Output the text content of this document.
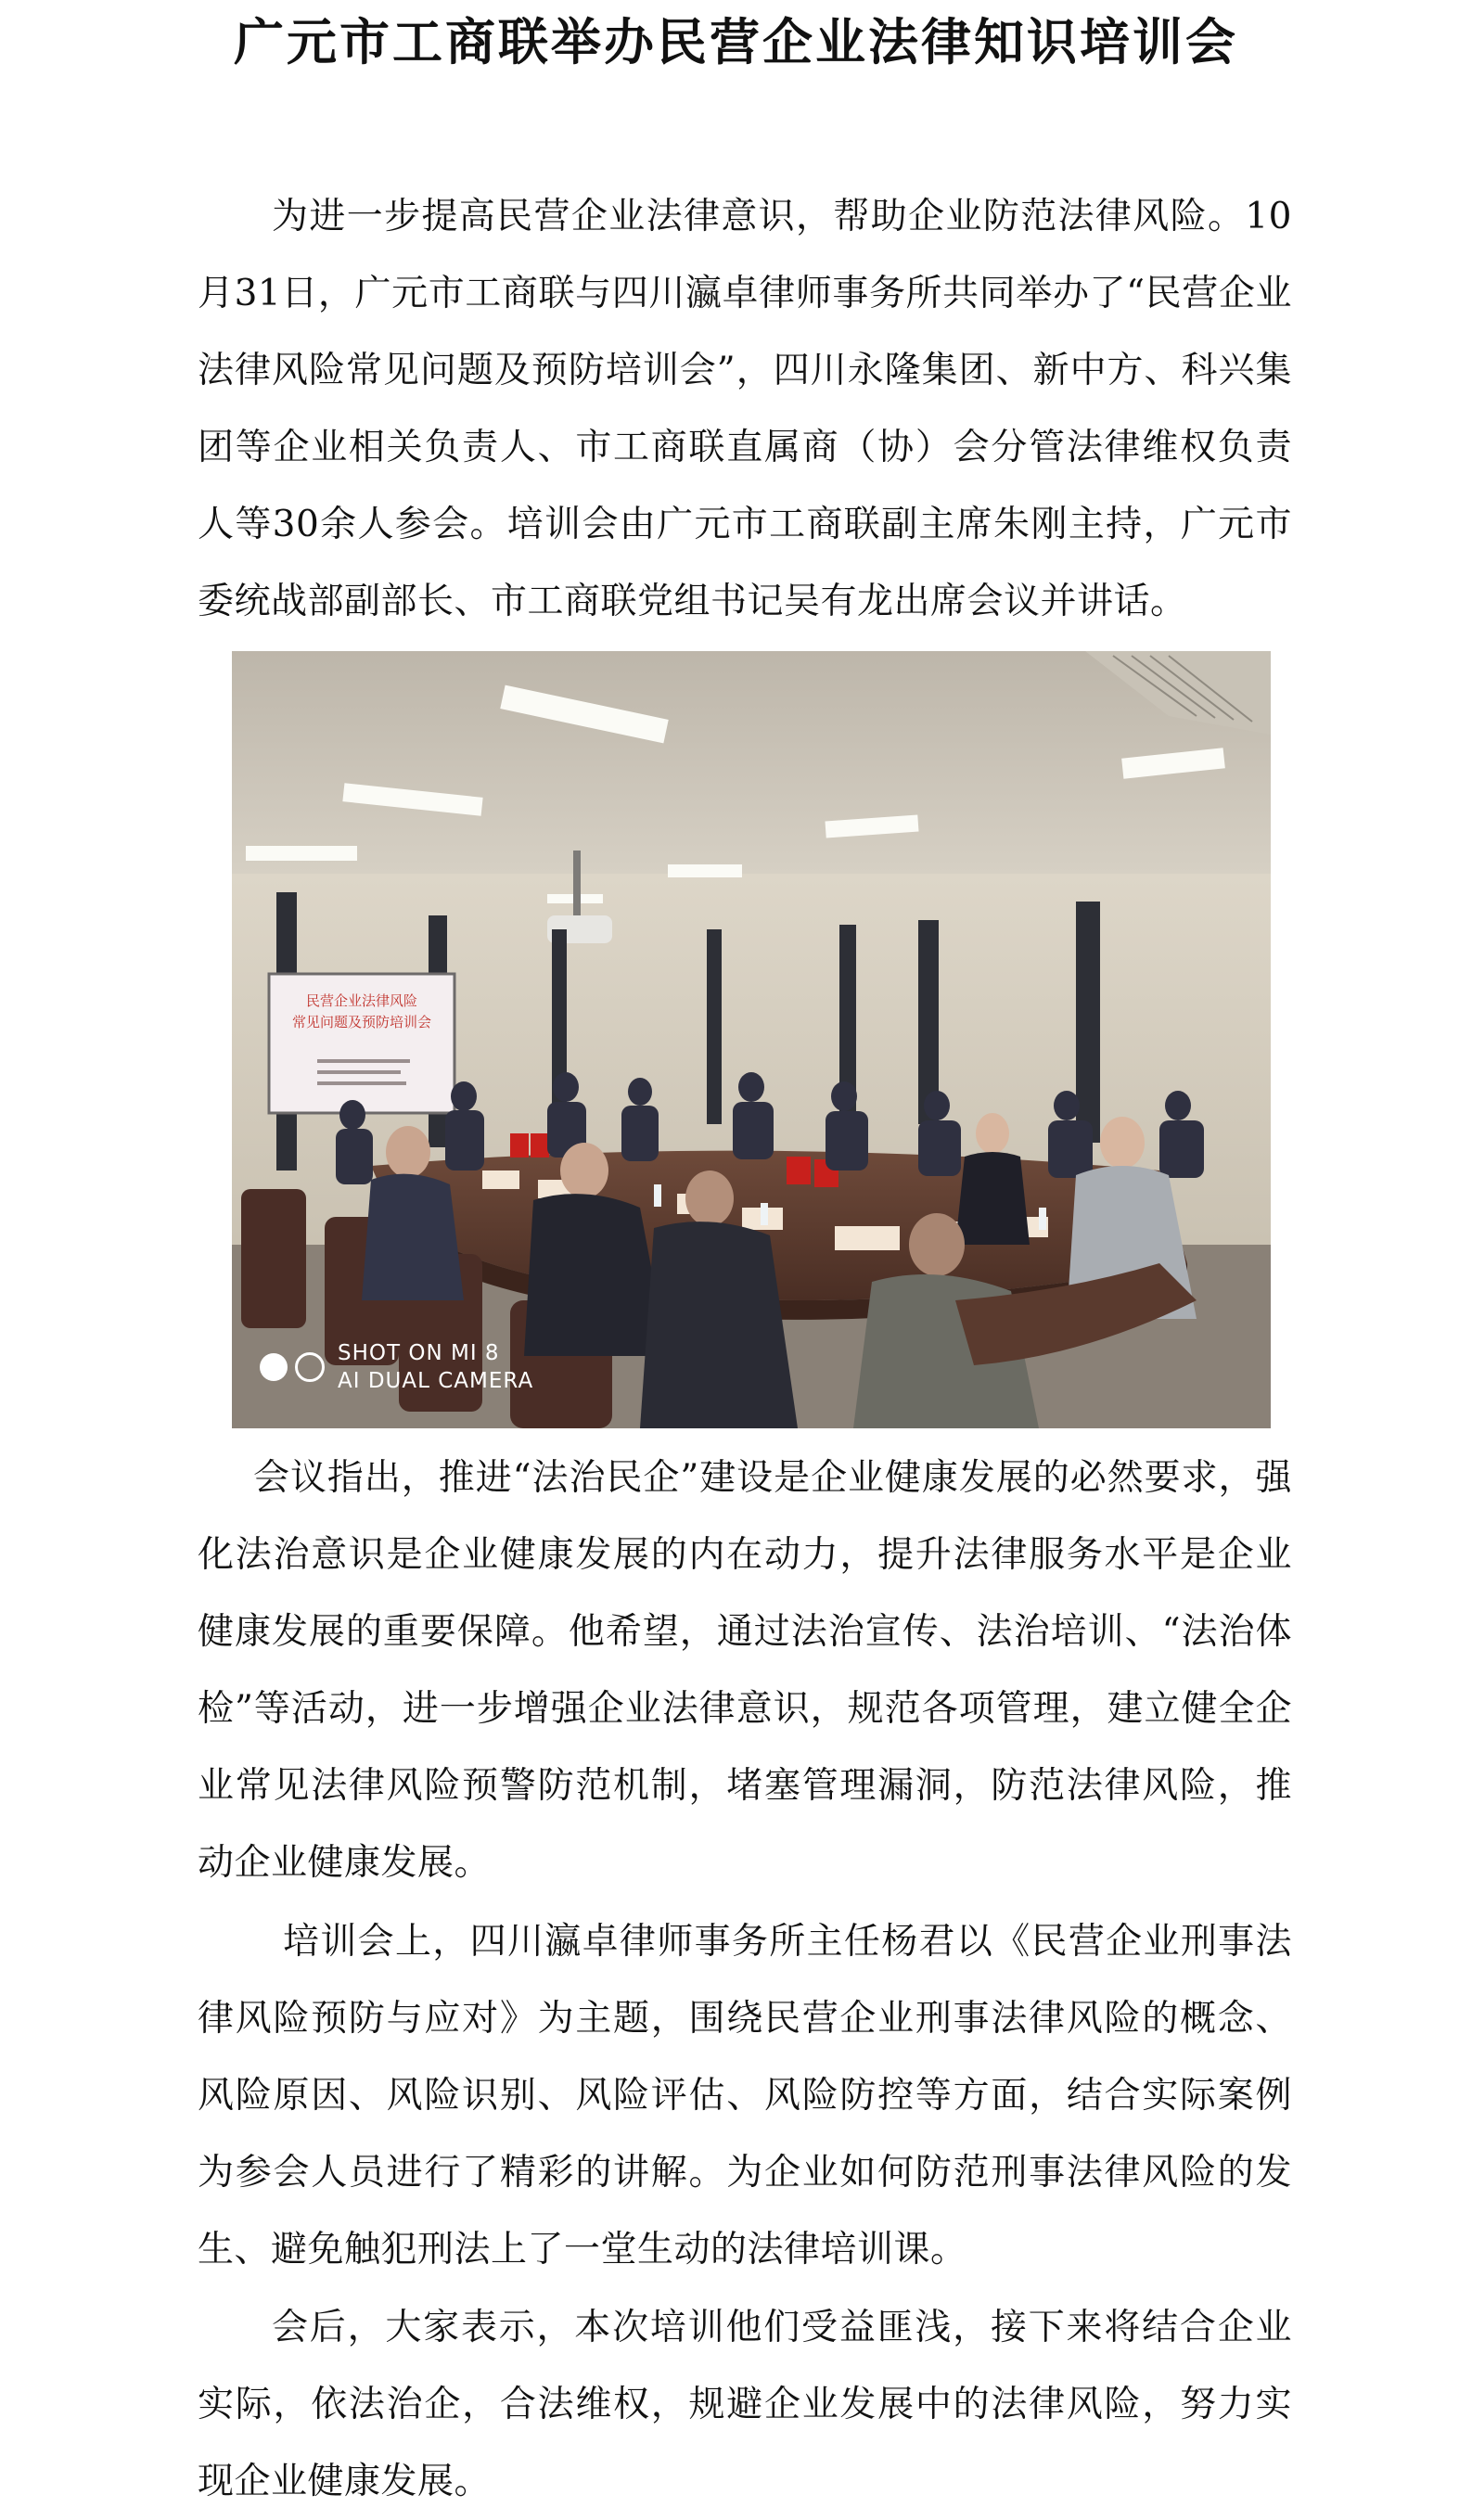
广元市工商联举办民营企业法律知识培训会

为进一步提高民营企业法律意识，帮助企业防范法律风险。10月31日，广元市工商联与四川瀛卓律师事务所共同举办了“民营企业法律风险常见问题及预防培训会”，四川永隆集团、新中方、科兴集团等企业相关负责人、市工商联直属商（协）会分管法律维权负责人等30余人参会。培训会由广元市工商联副主席朱刚主持，广元市委统战部副部长、市工商联党组书记吴有龙出席会议并讲话。

民营企业法律风险
常见问题及预防培训会
SHOT ON MI 8
AI DUAL CAMERA

会议指出，推进“法治民企”建设是企业健康发展的必然要求，强化法治意识是企业健康发展的内在动力，提升法律服务水平是企业健康发展的重要保障。他希望，通过法治宣传、法治培训、“法治体检”等活动，进一步增强企业法律意识，规范各项管理，建立健全企业常见法律风险预警防范机制，堵塞管理漏洞，防范法律风险，推动企业健康发展。

培训会上，四川瀛卓律师事务所主任杨君以《民营企业刑事法律风险预防与应对》为主题，围绕民营企业刑事法律风险的概念、风险原因、风险识别、风险评估、风险防控等方面，结合实际案例为参会人员进行了精彩的讲解。为企业如何防范刑事法律风险的发生、避免触犯刑法上了一堂生动的法律培训课。

会后，大家表示，本次培训他们受益匪浅，接下来将结合企业实际，依法治企，合法维权，规避企业发展中的法律风险，努力实现企业健康发展。
